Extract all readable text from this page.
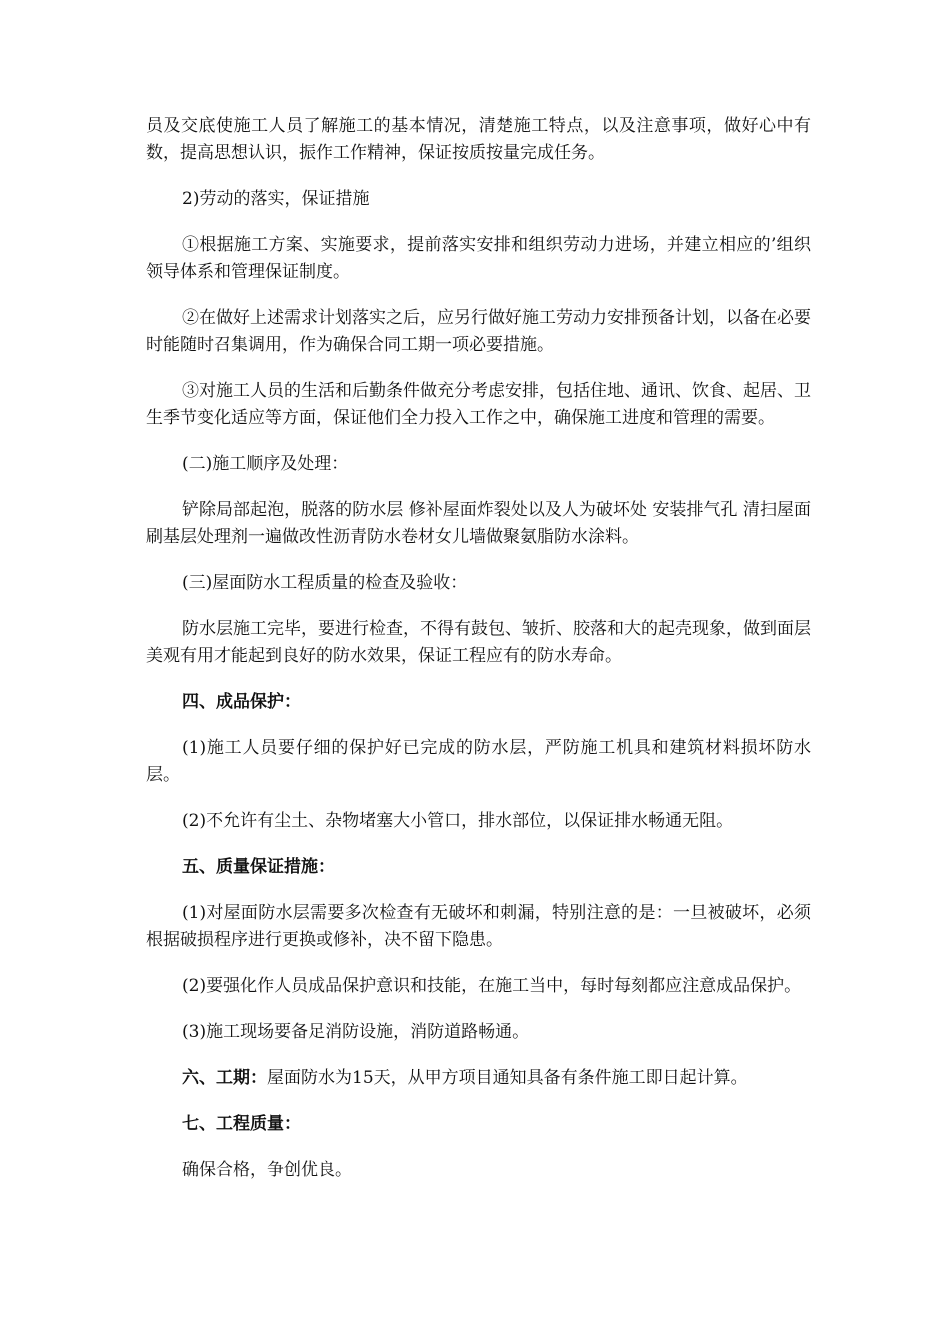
员及交底使施工人员了解施工的基本情况，清楚施工特点，以及注意事项，做好心中有数，提高思想认识，振作工作精神，保证按质按量完成任务。

2)劳动的落实，保证措施

①根据施工方案、实施要求，提前落实安排和组织劳动力进场，并建立相应的’组织领导体系和管理保证制度。

②在做好上述需求计划落实之后，应另行做好施工劳动力安排预备计划，以备在必要时能随时召集调用，作为确保合同工期一项必要措施。

③对施工人员的生活和后勤条件做充分考虑安排，包括住地、通讯、饮食、起居、卫生季节变化适应等方面，保证他们全力投入工作之中，确保施工进度和管理的需要。

(二)施工顺序及处理：

铲除局部起泡，脱落的防水层 修补屋面炸裂处以及人为破坏处 安装排气孔 清扫屋面 刷基层处理剂一遍做改性沥青防水卷材女儿墙做聚氨脂防水涂料。

(三)屋面防水工程质量的检查及验收：

防水层施工完毕，要进行检查，不得有鼓包、皱折、胶落和大的起壳现象，做到面层美观有用才能起到良好的防水效果，保证工程应有的防水寿命。

四、成品保护：

(1)施工人员要仔细的保护好已完成的防水层，严防施工机具和建筑材料损坏防水层。

(2)不允许有尘土、杂物堵塞大小管口，排水部位，以保证排水畅通无阻。

五、质量保证措施：

(1)对屋面防水层需要多次检查有无破坏和刺漏，特别注意的是：一旦被破坏，必须根据破损程序进行更换或修补，决不留下隐患。

(2)要强化作人员成品保护意识和技能，在施工当中，每时每刻都应注意成品保护。

(3)施工现场要备足消防设施，消防道路畅通。

六、工期：屋面防水为15天，从甲方项目通知具备有条件施工即日起计算。

七、工程质量：

确保合格，争创优良。
